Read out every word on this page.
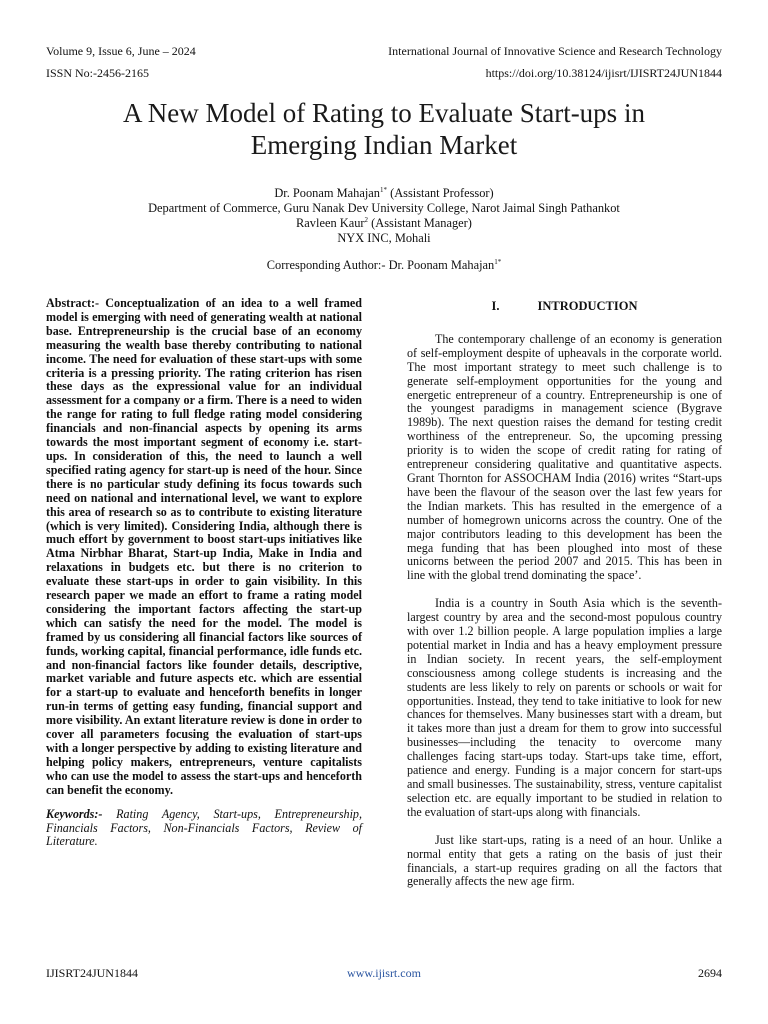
Volume 9, Issue 6, June – 2024	International Journal of Innovative Science and Research Technology
ISSN No:-2456-2165	https://doi.org/10.38124/ijisrt/IJISRT24JUN1844
A New Model of Rating to Evaluate Start-ups in
Emerging Indian Market
Dr. Poonam Mahajan$^{1*}$ (Assistant Professor)
Department of Commerce, Guru Nanak Dev University College, Narot Jaimal Singh Pathankot
Ravleen Kaur$^2$ (Assistant Manager)
NYX INC, Mohali
Corresponding Author:- Dr. Poonam Mahajan$^{1*}$

Abstract:- Conceptualization of an idea to a well framed model is emerging with need of generating wealth at national base. Entrepreneurship is the crucial base of an economy measuring the wealth base thereby contributing to national income. The need for evaluation of these start-ups with some criteria is a pressing priority. The rating criterion has risen these days as the expressional value for an individual assessment for a company or a firm. There is a need to widen the range for rating to full fledge rating model considering financials and non-financial aspects by opening its arms towards the most important segment of economy i.e. start-ups. In consideration of this, the need to launch a well specified rating agency for start-up is need of the hour. Since there is no particular study defining its focus towards such need on national and international level, we want to explore this area of research so as to contribute to existing literature (which is very limited). Considering India, although there is much effort by government to boost start-ups initiatives like Atma Nirbhar Bharat, Start-up India, Make in India and relaxations in budgets etc. but there is no criterion to evaluate these start-ups in order to gain visibility. In this research paper we made an effort to frame a rating model considering the important factors affecting the start-up which can satisfy the need for the model. The model is framed by us considering all financial factors like sources of funds, working capital, financial performance, idle funds etc. and non-financial factors like founder details, descriptive, market variable and future aspects etc. which are essential for a start-up to evaluate and henceforth benefits in longer run-in terms of getting easy funding, financial support and more visibility. An extant literature review is done in order to cover all parameters focusing the evaluation of start-ups with a longer perspective by adding to existing literature and helping policy makers, entrepreneurs, venture capitalists who can use the model to assess the start-ups and henceforth can benefit the economy.

Keywords:- Rating Agency, Start-ups, Entrepreneurship, Financials Factors, Non-Financials Factors, Review of Literature.

I.	INTRODUCTION

The contemporary challenge of an economy is generation of self-employment despite of upheavals in the corporate world. The most important strategy to meet such challenge is to generate self-employment opportunities for the young and energetic entrepreneur of a country. Entrepreneurship is one of the youngest paradigms in management science (Bygrave 1989b). The next question raises the demand for testing credit worthiness of the entrepreneur. So, the upcoming pressing priority is to widen the scope of credit rating for rating of entrepreneur considering qualitative and quantitative aspects. Grant Thornton for ASSOCHAM India (2016) writes “Start-ups have been the flavour of the season over the last few years for the Indian markets. This has resulted in the emergence of a number of homegrown unicorns across the country. One of the major contributors leading to this development has been the mega funding that has been ploughed into most of these unicorns between the period 2007 and 2015. This has been in line with the global trend dominating the space’.

India is a country in South Asia which is the seventh-largest country by area and the second-most populous country with over 1.2 billion people. A large population implies a large potential market in India and has a heavy employment pressure in Indian society. In recent years, the self-employment consciousness among college students is increasing and the students are less likely to rely on parents or schools or wait for opportunities. Instead, they tend to take initiative to look for new chances for themselves. Many businesses start with a dream, but it takes more than just a dream for them to grow into successful businesses—including the tenacity to overcome many challenges facing start-ups today. Start-ups take time, effort, patience and energy. Funding is a major concern for start-ups and small businesses. The sustainability, stress, venture capitalist selection etc. are equally important to be studied in relation to the evaluation of start-ups along with financials.

Just like start-ups, rating is a need of an hour. Unlike a normal entity that gets a rating on the basis of just their financials, a start-up requires grading on all the factors that generally affects the new age firm.

IJISRT24JUN1844	www.ijisrt.com	2694
